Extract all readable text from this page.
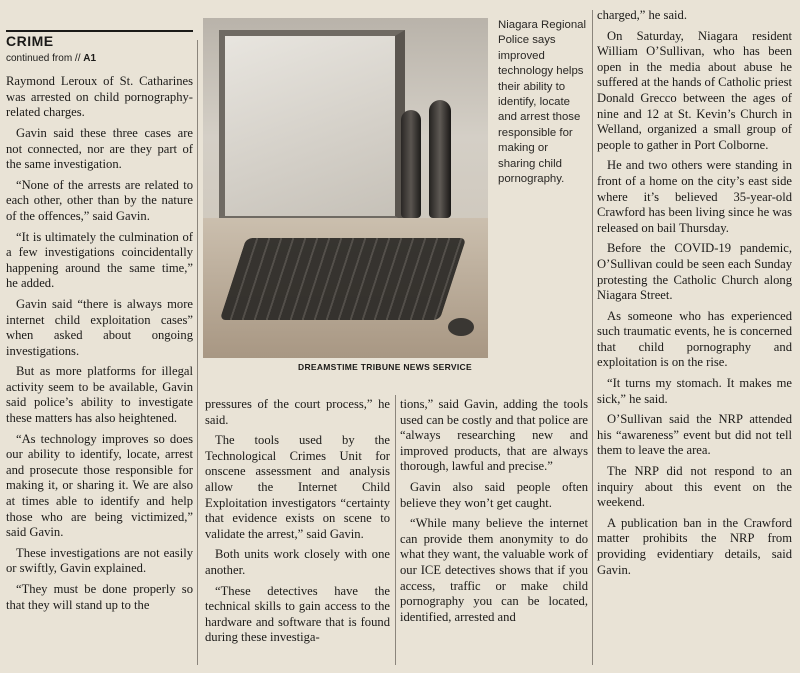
CRIME
continued from // A1

Raymond Leroux of St. Catharines was arrested on child pornography-related charges.

Gavin said these three cases are not connected, nor are they part of the same investigation.

“None of the arrests are related to each other, other than by the nature of the offences,” said Gavin.

“It is ultimately the culmination of a few investigations coincidentally happening around the same time,” he added.

Gavin said “there is always more internet child exploitation cases” when asked about ongoing investigations.

But as more platforms for illegal activity seem to be available, Gavin said police’s ability to investigate these matters has also heightened.

“As technology improves so does our ability to identify, locate, arrest and prosecute those responsible for making it, or sharing it. We are also at times able to identify and help those who are being victimized,” said Gavin.

These investigations are not easily or swiftly, Gavin explained.

“They must be done properly so that they will stand up to the

DREAMSTIME TRIBUNE NEWS SERVICE
Niagara Regional Police says improved technology helps their ability to identify, locate and arrest those responsible for making or sharing child pornography.

pressures of the court process,” he said.

The tools used by the Technological Crimes Unit for onscene assessment and analysis allow the Internet Child Exploitation investigators “certainty that evidence exists on scene to validate the arrest,” said Gavin.

Both units work closely with one another.

“These detectives have the technical skills to gain access to the hardware and software that is found during these investiga-

tions,” said Gavin, adding the tools used can be costly and that police are “always researching new and improved products, that are always thorough, lawful and precise.”

Gavin also said people often believe they won’t get caught.

“While many believe the internet can provide them anonymity to do what they want, the valuable work of our ICE detectives shows that if you access, traffic or make child pornography you can be located, identified, arrested and

charged,” he said.

On Saturday, Niagara resident William O’Sullivan, who has been open in the media about abuse he suffered at the hands of Catholic priest Donald Grecco between the ages of nine and 12 at St. Kevin’s Church in Welland, organized a small group of people to gather in Port Colborne.

He and two others were standing in front of a home on the city’s east side where it’s believed 35-year-old Crawford has been living since he was released on bail Thursday.

Before the COVID-19 pandemic, O’Sullivan could be seen each Sunday protesting the Catholic Church along Niagara Street.

As someone who has experienced such traumatic events, he is concerned that child pornography and exploitation is on the rise.

“It turns my stomach. It makes me sick,” he said.

O’Sullivan said the NRP attended his “awareness” event but did not tell them to leave the area.

The NRP did not respond to an inquiry about this event on the weekend.

A publication ban in the Crawford matter prohibits the NRP from providing evidentiary details, said Gavin.
